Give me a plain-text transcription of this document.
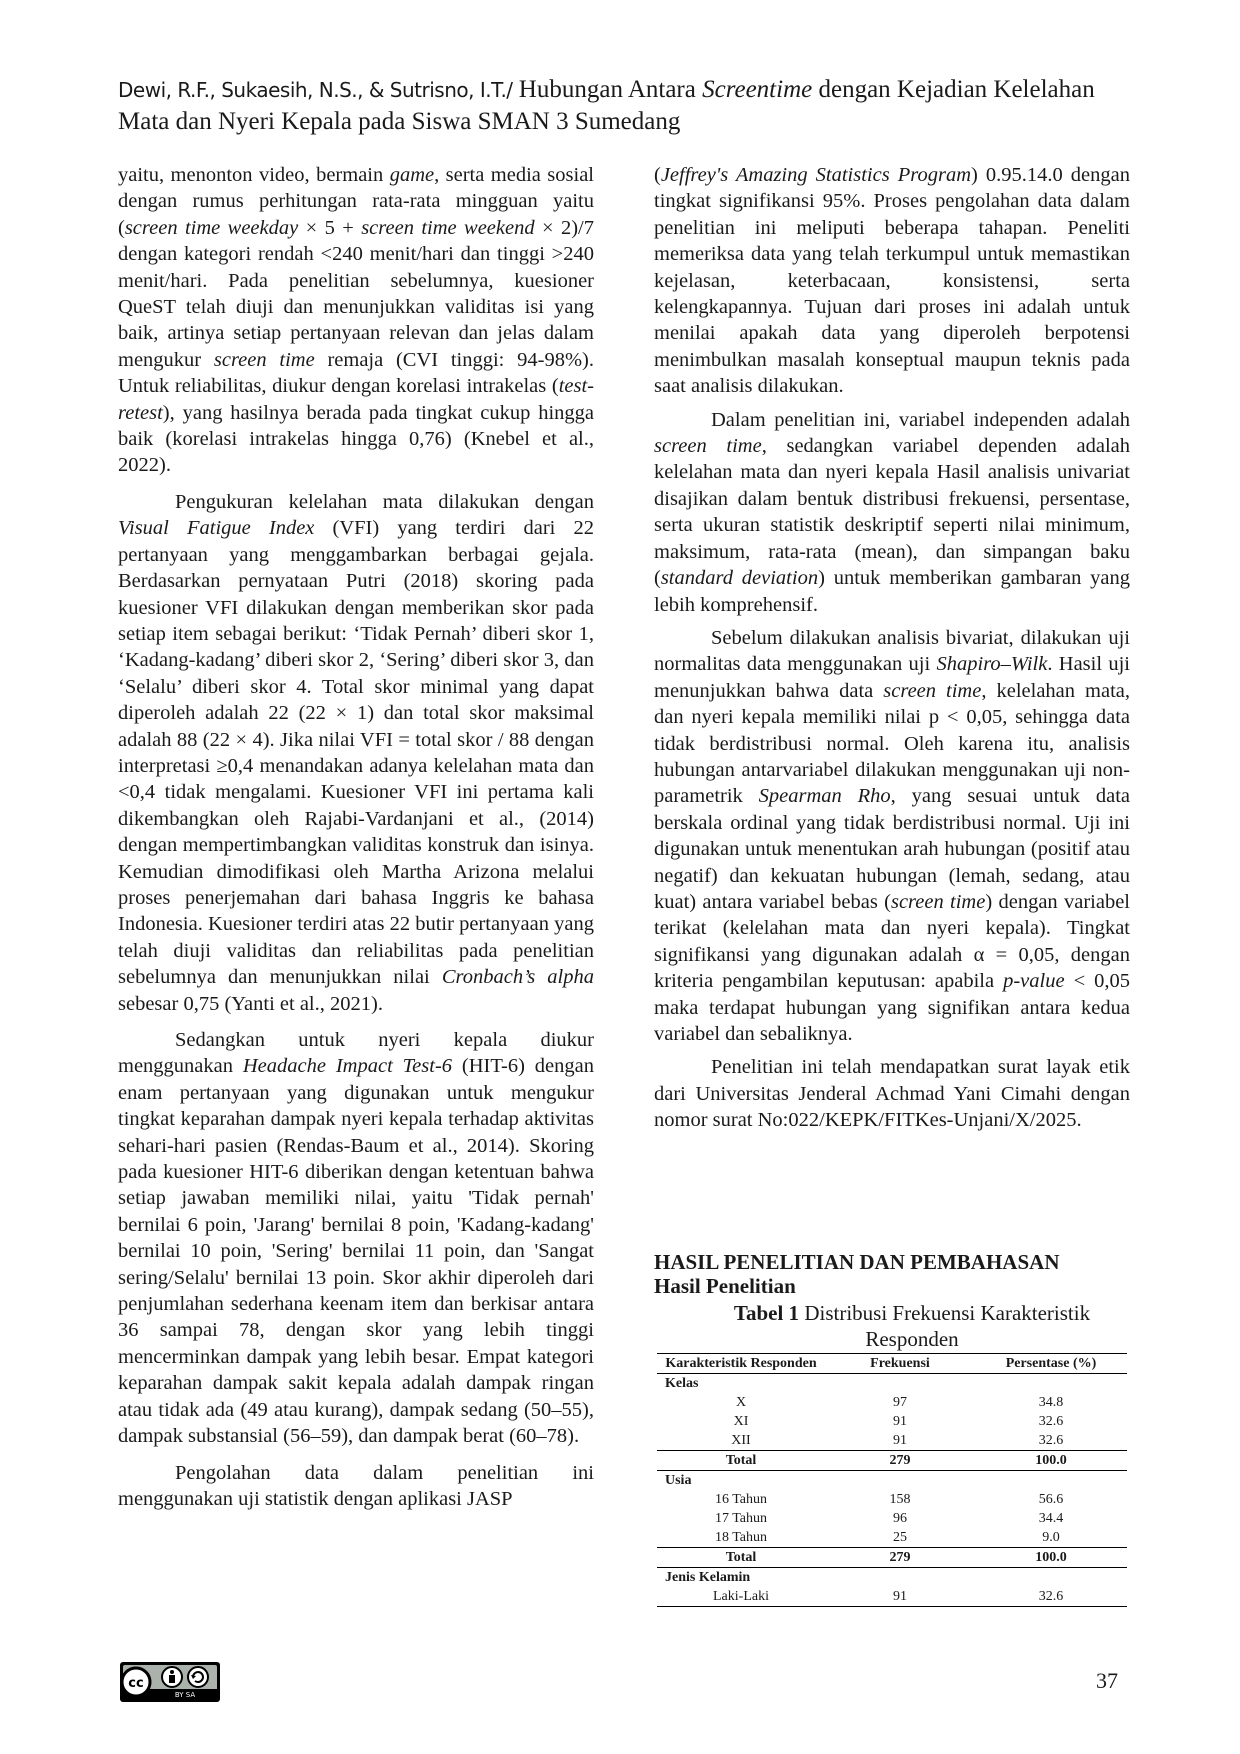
Dewi, R.F., Sukaesih, N.S., & Sutrisno, I.T./ Hubungan Antara Screentime dengan Kejadian Kelelahan
Mata dan Nyeri Kepala pada Siswa SMAN 3 Sumedang

yaitu, menonton video, bermain game, serta media sosial dengan rumus perhitungan rata-rata mingguan yaitu (screen time weekday × 5 + screen time weekend × 2)/7 dengan kategori rendah <240 menit/hari dan tinggi >240 menit/hari. Pada penelitian sebelumnya, kuesioner QueST telah diuji dan menunjukkan validitas isi yang baik, artinya setiap pertanyaan relevan dan jelas dalam mengukur screen time remaja (CVI tinggi: 94-98%). Untuk reliabilitas, diukur dengan korelasi intrakelas (test-retest), yang hasilnya berada pada tingkat cukup hingga baik (korelasi intrakelas hingga 0,76) (Knebel et al., 2022).

Pengukuran kelelahan mata dilakukan dengan Visual Fatigue Index (VFI) yang terdiri dari 22 pertanyaan yang menggambarkan berbagai gejala. Berdasarkan pernyataan Putri (2018) skoring pada kuesioner VFI dilakukan dengan memberikan skor pada setiap item sebagai berikut: ‘Tidak Pernah’ diberi skor 1, ‘Kadang-kadang’ diberi skor 2, ‘Sering’ diberi skor 3, dan ‘Selalu’ diberi skor 4. Total skor minimal yang dapat diperoleh adalah 22 (22 × 1) dan total skor maksimal adalah 88 (22 × 4). Jika nilai VFI = total skor / 88 dengan interpretasi ≥0,4 menandakan adanya kelelahan mata dan <0,4 tidak mengalami. Kuesioner VFI ini pertama kali dikembangkan oleh Rajabi-Vardanjani et al., (2014) dengan mempertimbangkan validitas konstruk dan isinya. Kemudian dimodifikasi oleh Martha Arizona melalui proses penerjemahan dari bahasa Inggris ke bahasa Indonesia. Kuesioner terdiri atas 22 butir pertanyaan yang telah diuji validitas dan reliabilitas pada penelitian sebelumnya dan menunjukkan nilai Cronbach’s alpha sebesar 0,75 (Yanti et al., 2021).

Sedangkan untuk nyeri kepala diukur menggunakan Headache Impact Test-6 (HIT-6) dengan enam pertanyaan yang digunakan untuk mengukur tingkat keparahan dampak nyeri kepala terhadap aktivitas sehari-hari pasien (Rendas-Baum et al., 2014). Skoring pada kuesioner HIT-6 diberikan dengan ketentuan bahwa setiap jawaban memiliki nilai, yaitu 'Tidak pernah' bernilai 6 poin, 'Jarang' bernilai 8 poin, 'Kadang-kadang' bernilai 10 poin, 'Sering' bernilai 11 poin, dan 'Sangat sering/Selalu' bernilai 13 poin. Skor akhir diperoleh dari penjumlahan sederhana keenam item dan berkisar antara 36 sampai 78, dengan skor yang lebih tinggi mencerminkan dampak yang lebih besar. Empat kategori keparahan dampak sakit kepala adalah dampak ringan atau tidak ada (49 atau kurang), dampak sedang (50–55), dampak substansial (56–59), dan dampak berat (60–78).

Pengolahan data dalam penelitian ini menggunakan uji statistik dengan aplikasi JASP

(Jeffrey's Amazing Statistics Program) 0.95.14.0 dengan tingkat signifikansi 95%. Proses pengolahan data dalam penelitian ini meliputi beberapa tahapan. Peneliti memeriksa data yang telah terkumpul untuk memastikan kejelasan, keterbacaan, konsistensi, serta kelengkapannya. Tujuan dari proses ini adalah untuk menilai apakah data yang diperoleh berpotensi menimbulkan masalah konseptual maupun teknis pada saat analisis dilakukan.

Dalam penelitian ini, variabel independen adalah screen time, sedangkan variabel dependen adalah kelelahan mata dan nyeri kepala Hasil analisis univariat disajikan dalam bentuk distribusi frekuensi, persentase, serta ukuran statistik deskriptif seperti nilai minimum, maksimum, rata-rata (mean), dan simpangan baku (standard deviation) untuk memberikan gambaran yang lebih komprehensif.

Sebelum dilakukan analisis bivariat, dilakukan uji normalitas data menggunakan uji Shapiro–Wilk. Hasil uji menunjukkan bahwa data screen time, kelelahan mata, dan nyeri kepala memiliki nilai p < 0,05, sehingga data tidak berdistribusi normal. Oleh karena itu, analisis hubungan antarvariabel dilakukan menggunakan uji non-parametrik Spearman Rho, yang sesuai untuk data berskala ordinal yang tidak berdistribusi normal. Uji ini digunakan untuk menentukan arah hubungan (positif atau negatif) dan kekuatan hubungan (lemah, sedang, atau kuat) antara variabel bebas (screen time) dengan variabel terikat (kelelahan mata dan nyeri kepala). Tingkat signifikansi yang digunakan adalah α = 0,05, dengan kriteria pengambilan keputusan: apabila p-value < 0,05 maka terdapat hubungan yang signifikan antara kedua variabel dan sebaliknya.

Penelitian ini telah mendapatkan surat layak etik dari Universitas Jenderal Achmad Yani Cimahi dengan nomor surat No:022/KEPK/FITKes-Unjani/X/2025.

HASIL PENELITIAN DAN PEMBAHASAN
Hasil Penelitian
Tabel 1 Distribusi Frekuensi Karakteristik Responden
Karakteristik Responden	Frekuensi	Persentase (%)
Kelas		
X	97	34.8
XI	91	32.6
XII	91	32.6
Total	279	100.0
Usia		
16 Tahun	158	56.6
17 Tahun	96	34.4
18 Tahun	25	9.0
Total	279	100.0
Jenis Kelamin		
Laki-Laki	91	32.6
cc
BY SA
37
